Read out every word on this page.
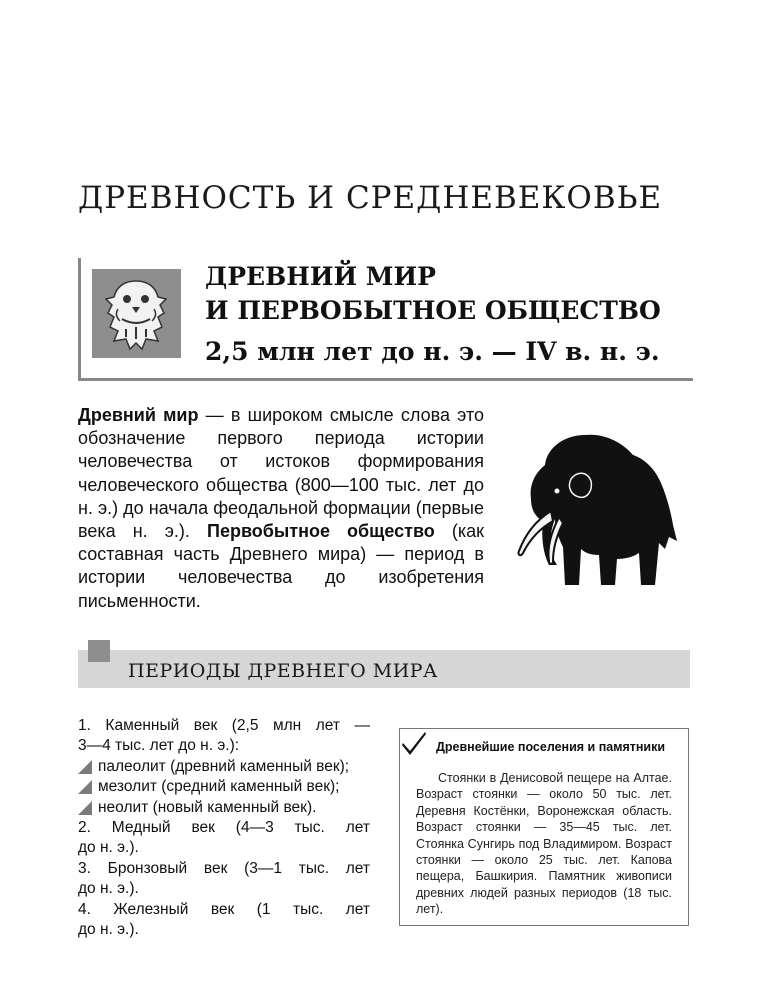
ДРЕВНОСТЬ И СРЕДНЕВЕКОВЬЕ
ДРЕВНИЙ МИР
И ПЕРВОБЫТНОЕ ОБЩЕСТВО
2,5 млн лет до н. э. — IV в. н. э.
Древний мир — в широком смысле слова это обозначение первого периода истории человечества от истоков формирования человеческого общества (800—100 тыс. лет до н. э.) до начала феодальной формации (первые века н. э.). Первобытное общество (как составная часть Древнего мира) — период в истории человечества до изобретения письменности.
ПЕРИОДЫ ДРЕВНЕГО МИРА
1. Каменный век (2,5 млн лет —
3—4 тыс. лет до н. э.):
палеолит (древний каменный век);
мезолит (средний каменный век);
неолит (новый каменный век).
2. Медный век (4—3 тыс. лет
до н. э.).
3. Бронзовый век (3—1 тыс. лет
до н. э.).
4. Железный век (1 тыс. лет
до н. э.).
Древнейшие поселения и памятники
Стоянки в Денисовой пещере на Алтае. Возраст стоянки — около 50 тыс. лет. Деревня Костёнки, Воронежская область. Возраст стоянки — 35—45 тыс. лет. Стоянка Сунгирь под Владимиром. Возраст стоянки — около 25 тыс. лет. Капова пещера, Башкирия. Памятник живописи древних людей разных периодов (18 тыс. лет).
